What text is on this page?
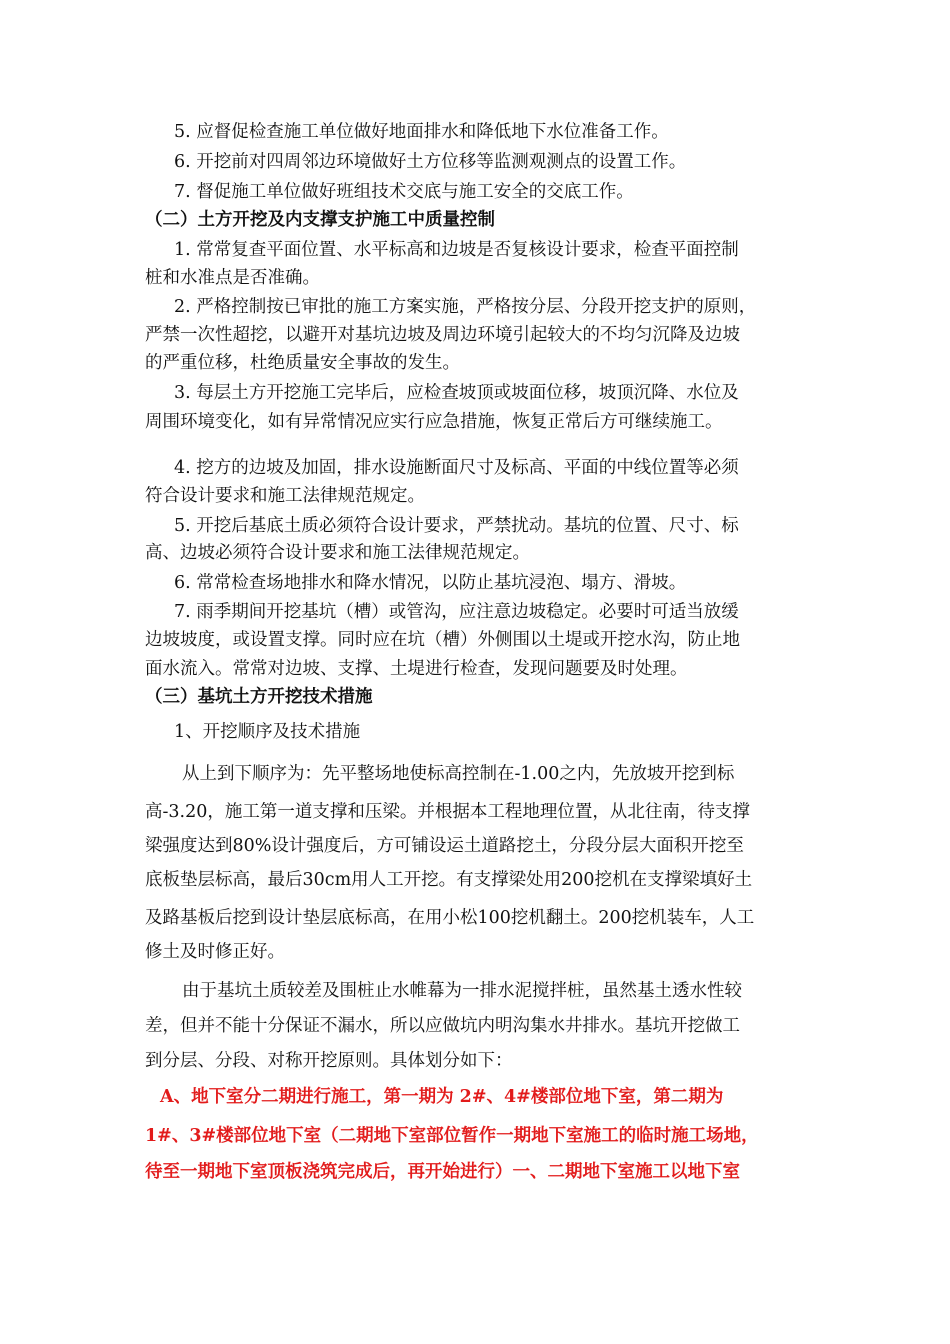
5. 应督促检查施工单位做好地面排水和降低地下水位准备工作。
6. 开挖前对四周邻边环境做好土方位移等监测观测点的设置工作。
7. 督促施工单位做好班组技术交底与施工安全的交底工作。
（二）土方开挖及内支撑支护施工中质量控制
1. 常常复查平面位置、水平标高和边坡是否复核设计要求，检查平面控制
桩和水准点是否准确。
2. 严格控制按已审批的施工方案实施，严格按分层、分段开挖支护的原则，
严禁一次性超挖，以避开对基坑边坡及周边环境引起较大的不均匀沉降及边坡
的严重位移，杜绝质量安全事故的发生。
3. 每层土方开挖施工完毕后，应检查坡顶或坡面位移，坡顶沉降、水位及
周围环境变化，如有异常情况应实行应急措施，恢复正常后方可继续施工。
4. 挖方的边坡及加固，排水设施断面尺寸及标高、平面的中线位置等必须
符合设计要求和施工法律规范规定。
5. 开挖后基底土质必须符合设计要求，严禁扰动。基坑的位置、尺寸、标
高、边坡必须符合设计要求和施工法律规范规定。
6. 常常检查场地排水和降水情况，以防止基坑浸泡、塌方、滑坡。
7. 雨季期间开挖基坑（槽）或管沟，应注意边坡稳定。必要时可适当放缓
边坡坡度，或设置支撑。同时应在坑（槽）外侧围以土堤或开挖水沟，防止地
面水流入。常常对边坡、支撑、土堤进行检查，发现问题要及时处理。
（三）基坑土方开挖技术措施
1、开挖顺序及技术措施
从上到下顺序为：先平整场地使标高控制在-1.00之内，先放坡开挖到标
高-3.20，施工第一道支撑和压梁。并根据本工程地理位置，从北往南，待支撑
梁强度达到80%设计强度后，方可铺设运土道路挖土，分段分层大面积开挖至
底板垫层标高，最后30cm用人工开挖。有支撑梁处用200挖机在支撑梁填好土
及路基板后挖到设计垫层底标高，在用小松100挖机翻土。200挖机装车，人工
修土及时修正好。
由于基坑土质较差及围桩止水帷幕为一排水泥搅拌桩，虽然基土透水性较
差，但并不能十分保证不漏水，所以应做坑内明沟集水井排水。基坑开挖做工
到分层、分段、对称开挖原则。具体划分如下：
A、地下室分二期进行施工，第一期为 2#、4#楼部位地下室，第二期为
1#、3#楼部位地下室（二期地下室部位暂作一期地下室施工的临时施工场地，
待至一期地下室顶板浇筑完成后，再开始进行）一、二期地下室施工以地下室
